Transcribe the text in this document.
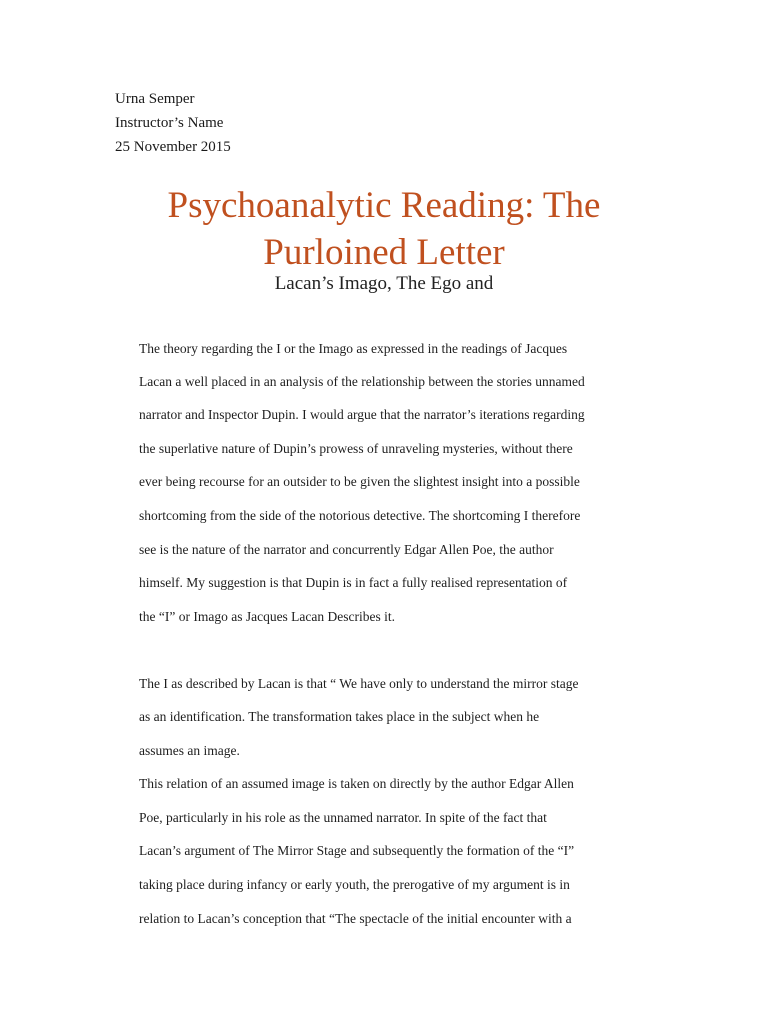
Urna Semper
Instructor’s Name
25 November 2015
Psychoanalytic Reading: The
Purloined Letter
Lacan’s Imago, The Ego and
The theory regarding the I or the Imago as expressed in the readings of Jacques
Lacan a well placed in an analysis of the relationship between the stories unnamed
narrator and Inspector Dupin. I would argue that the narrator’s iterations regarding
the superlative nature of Dupin’s prowess of unraveling mysteries, without there
ever being recourse for an outsider to be given the slightest insight into a possible
shortcoming from the side of the notorious detective. The shortcoming I therefore
see is the nature of the narrator and concurrently Edgar Allen Poe, the author
himself. My suggestion is that Dupin is in fact a fully realised representation of
the “I” or Imago as Jacques Lacan Describes it.
The I as described by Lacan is that “ We have only to understand the mirror stage
as an identification. The transformation takes place in the subject when he
assumes an image.
This relation of an assumed image is taken on directly by the author Edgar Allen
Poe, particularly in his role as the unnamed narrator. In spite of the fact that
Lacan’s argument of The Mirror Stage and subsequently the formation of the “I”
taking place during infancy or early youth, the prerogative of my argument is in
relation to Lacan’s conception that “The spectacle of the initial encounter with a
